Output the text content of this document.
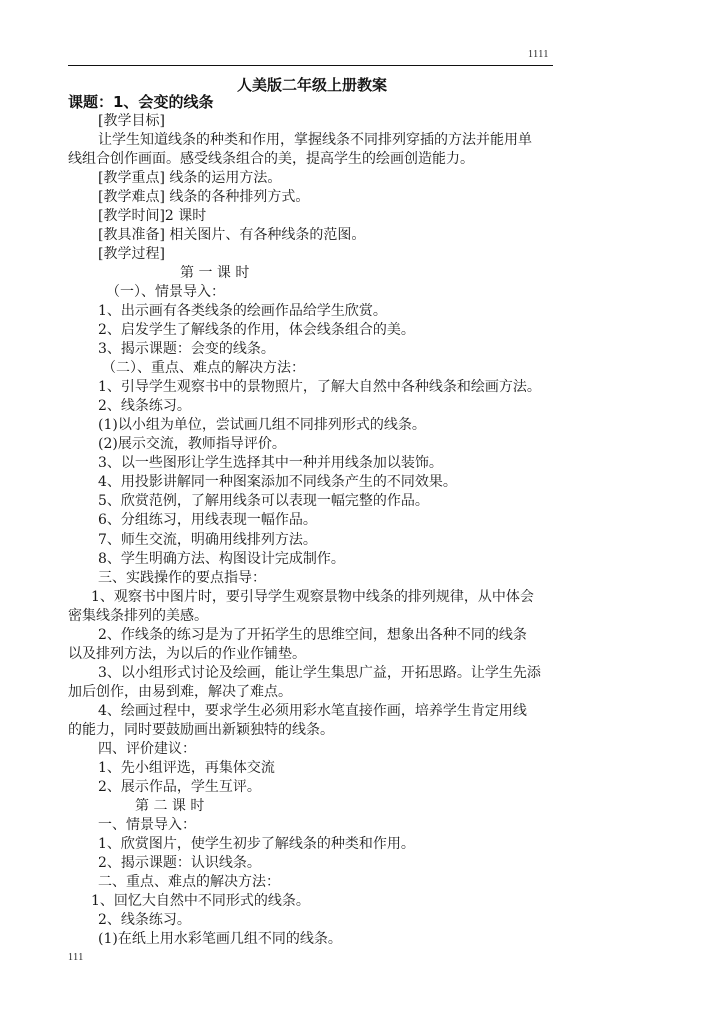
1111
人美版二年级上册教案
课题：1、会变的线条
[教学目标]
让学生知道线条的种类和作用，掌握线条不同排列穿插的方法并能用单
线组合创作画面。感受线条组合的美，提高学生的绘画创造能力。
[教学重点] 线条的运用方法。
[教学难点] 线条的各种排列方式。
[教学时间]2 课时
[教具准备] 相关图片、有各种线条的范图。
[教学过程]
第 一 课 时
（一）、情景导入：
1、出示画有各类线条的绘画作品给学生欣赏。
2、启发学生了解线条的作用，体会线条组合的美。
3、揭示课题：会变的线条。
（二）、重点、难点的解决方法：
1、引导学生观察书中的景物照片，了解大自然中各种线条和绘画方法。
2、线条练习。
(1)以小组为单位，尝试画几组不同排列形式的线条。
(2)展示交流，教师指导评价。
3、以一些图形让学生选择其中一种并用线条加以装饰。
4、用投影讲解同一种图案添加不同线条产生的不同效果。
5、欣赏范例，了解用线条可以表现一幅完整的作品。
6、分组练习，用线表现一幅作品。
7、师生交流，明确用线排列方法。
8、学生明确方法、构图设计完成制作。
三、实践操作的要点指导：
1、观察书中图片时，要引导学生观察景物中线条的排列规律，从中体会
密集线条排列的美感。
2、作线条的练习是为了开拓学生的思维空间，想象出各种不同的线条
以及排列方法，为以后的作业作铺垫。
3、以小组形式讨论及绘画，能让学生集思广益，开拓思路。让学生先添
加后创作，由易到难，解决了难点。
4、绘画过程中，要求学生必须用彩水笔直接作画，培养学生肯定用线
的能力，同时要鼓励画出新颖独特的线条。
四、评价建议：
1、先小组评选，再集体交流
2、展示作品，学生互评。
第 二 课 时
一、情景导入：
1、欣赏图片，使学生初步了解线条的种类和作用。
2、揭示课题：认识线条。
二、重点、难点的解决方法：
1、回忆大自然中不同形式的线条。
2、线条练习。
(1)在纸上用水彩笔画几组不同的线条。
111
